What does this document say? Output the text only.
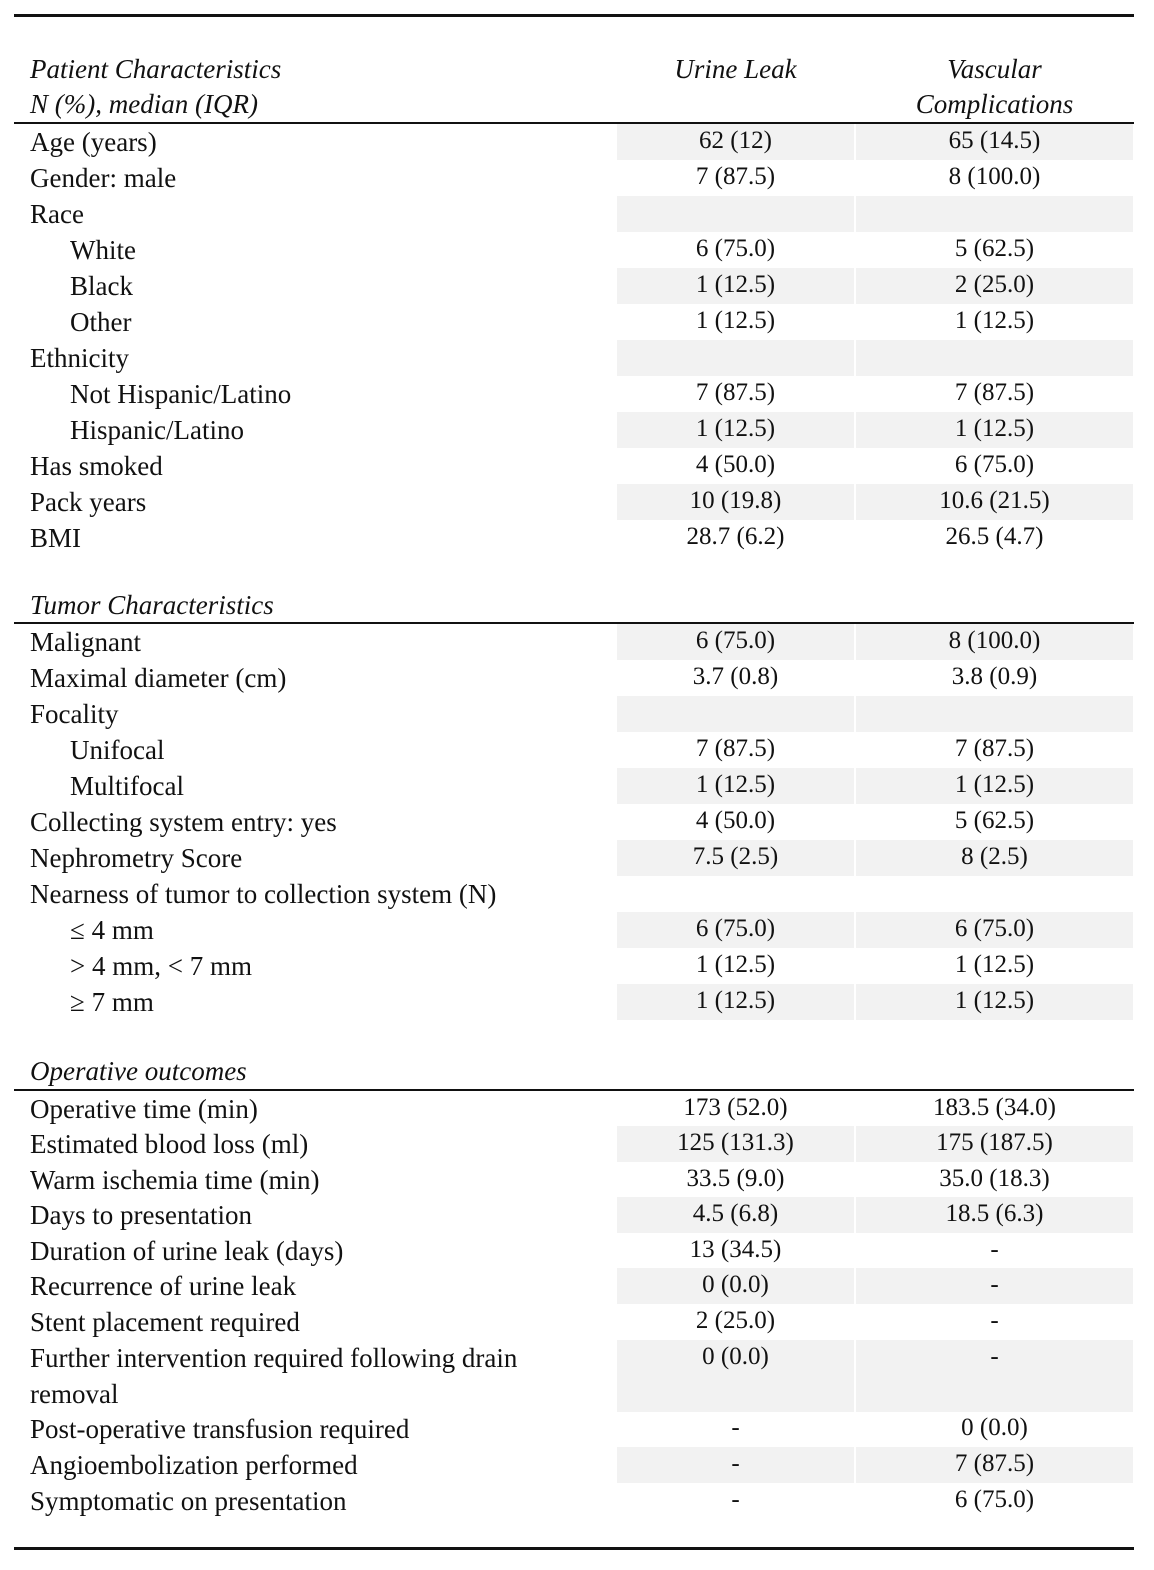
Patient Characteristics
N (%), median (IQR)
Urine Leak	Vascular
Complications
Age (years)	62 (12)	65 (14.5)
Gender: male	7 (87.5)	8 (100.0)
Race
White	6 (75.0)	5 (62.5)
Black	1 (12.5)	2 (25.0)
Other	1 (12.5)	1 (12.5)
Ethnicity
Not Hispanic/Latino	7 (87.5)	7 (87.5)
Hispanic/Latino	1 (12.5)	1 (12.5)
Has smoked	4 (50.0)	6 (75.0)
Pack years	10 (19.8)	10.6 (21.5)
BMI	28.7 (6.2)	26.5 (4.7)
Tumor Characteristics
Malignant	6 (75.0)	8 (100.0)
Maximal diameter (cm)	3.7 (0.8)	3.8 (0.9)
Focality
Unifocal	7 (87.5)	7 (87.5)
Multifocal	1 (12.5)	1 (12.5)
Collecting system entry: yes	4 (50.0)	5 (62.5)
Nephrometry Score	7.5 (2.5)	8 (2.5)
Nearness of tumor to collection system (N)
≤ 4 mm	6 (75.0)	6 (75.0)
> 4 mm, < 7 mm	1 (12.5)	1 (12.5)
≥ 7 mm	1 (12.5)	1 (12.5)
Operative outcomes
Operative time (min)	173 (52.0)	183.5 (34.0)
Estimated blood loss (ml)	125 (131.3)	175 (187.5)
Warm ischemia time (min)	33.5 (9.0)	35.0 (18.3)
Days to presentation	4.5 (6.8)	18.5 (6.3)
Duration of urine leak (days)	13 (34.5)	-
Recurrence of urine leak	0 (0.0)	-
Stent placement required	2 (25.0)	-
Further intervention required following drain removal
0 (0.0)	-
Post-operative transfusion required	-	0 (0.0)
Angioembolization performed	-	7 (87.5)
Symptomatic on presentation	-	6 (75.0)
